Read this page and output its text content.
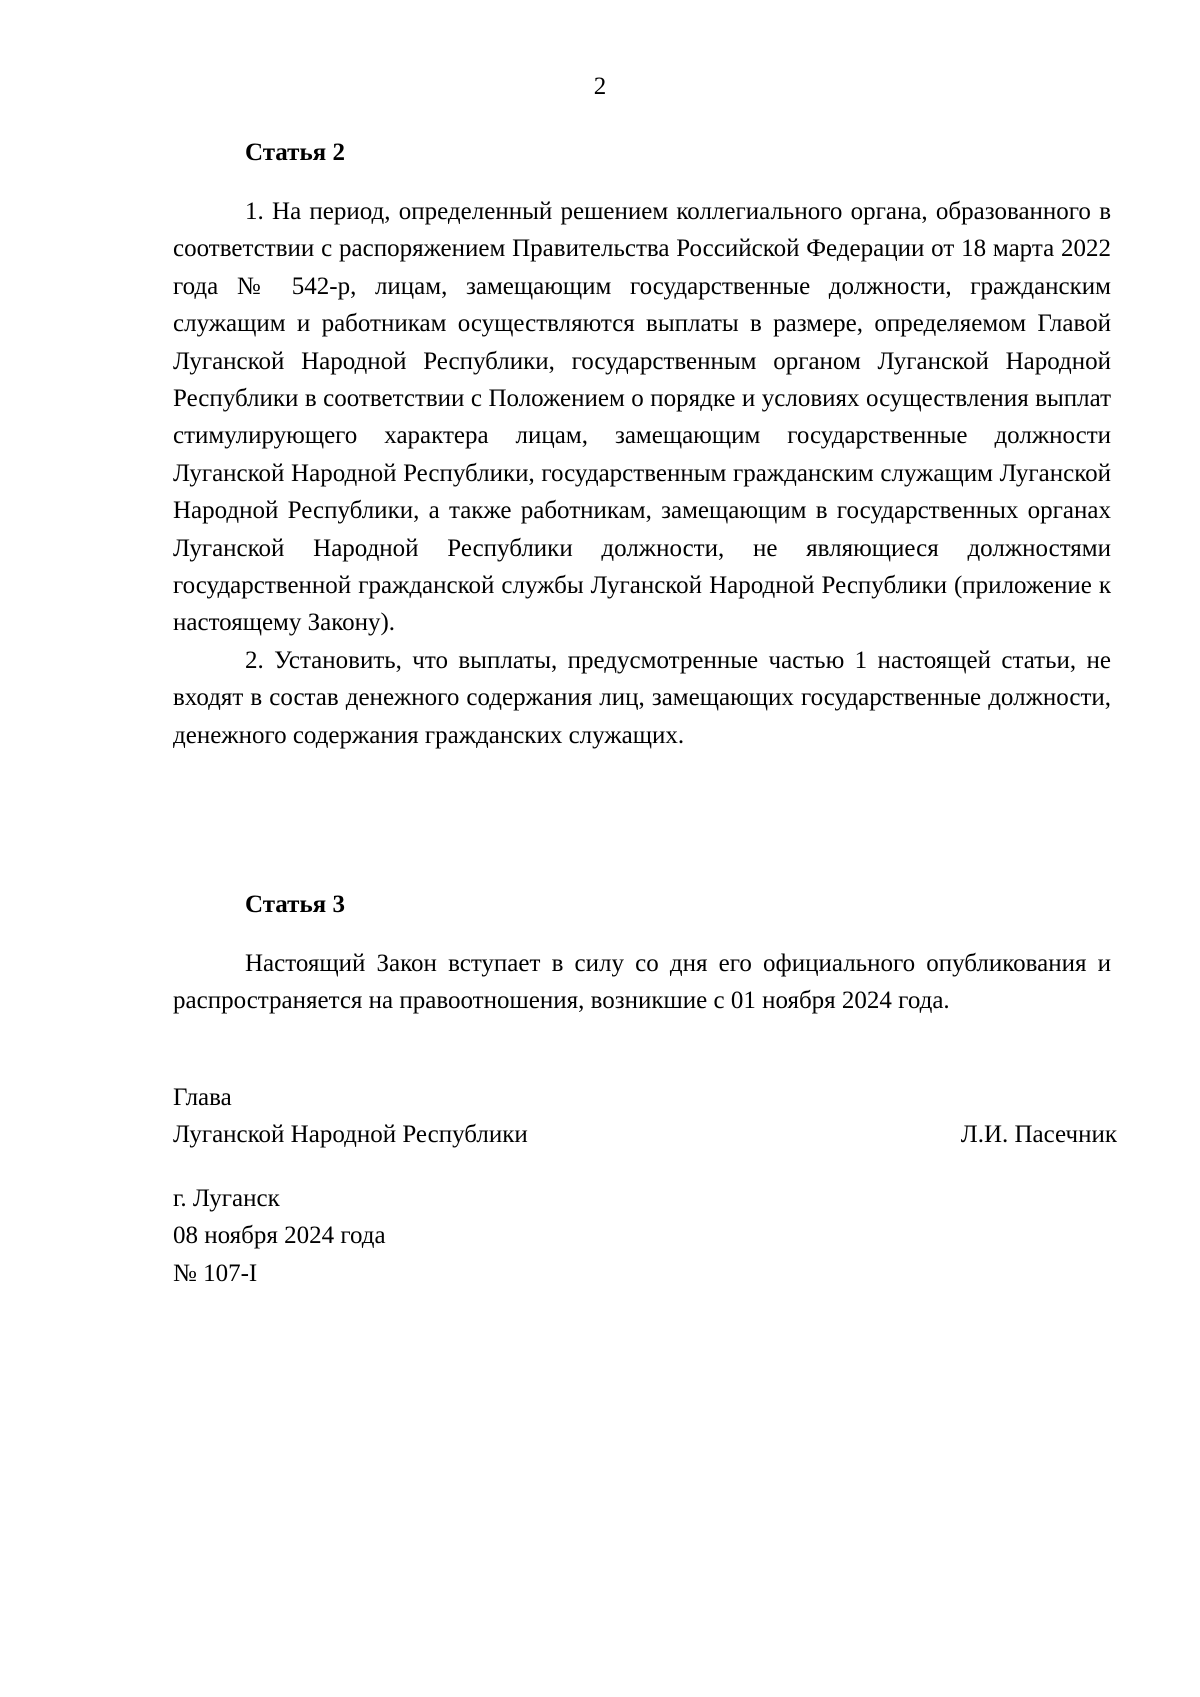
2
Статья 2

1. На период, определенный решением коллегиального органа, образованного в соответствии с распоряжением Правительства Российской Федерации от 18 марта 2022 года № 542-р, лицам, замещающим государственные должности, гражданским служащим и работникам осуществляются выплаты в размере, определяемом Главой Луганской Народной Республики, государственным органом Луганской Народной Республики в соответствии с Положением о порядке и условиях осуществления выплат стимулирующего характера лицам, замещающим государственные должности Луганской Народной Республики, государственным гражданским служащим Луганской Народной Республики, а также работникам, замещающим в государственных органах Луганской Народной Республики должности, не являющиеся должностями государственной гражданской службы Луганской Народной Республики (приложение к настоящему Закону).

2. Установить, что выплаты, предусмотренные частью 1 настоящей статьи, не входят в состав денежного содержания лиц, замещающих государственные должности, денежного содержания гражданских служащих.

Статья 3

Настоящий Закон вступает в силу со дня его официального опубликования и распространяется на правоотношения, возникшие с 01 ноября 2024 года.

Глава
Луганской Народной Республики	Л.И. Пасечник
г. Луганск
08 ноября 2024 года
№ 107-I
